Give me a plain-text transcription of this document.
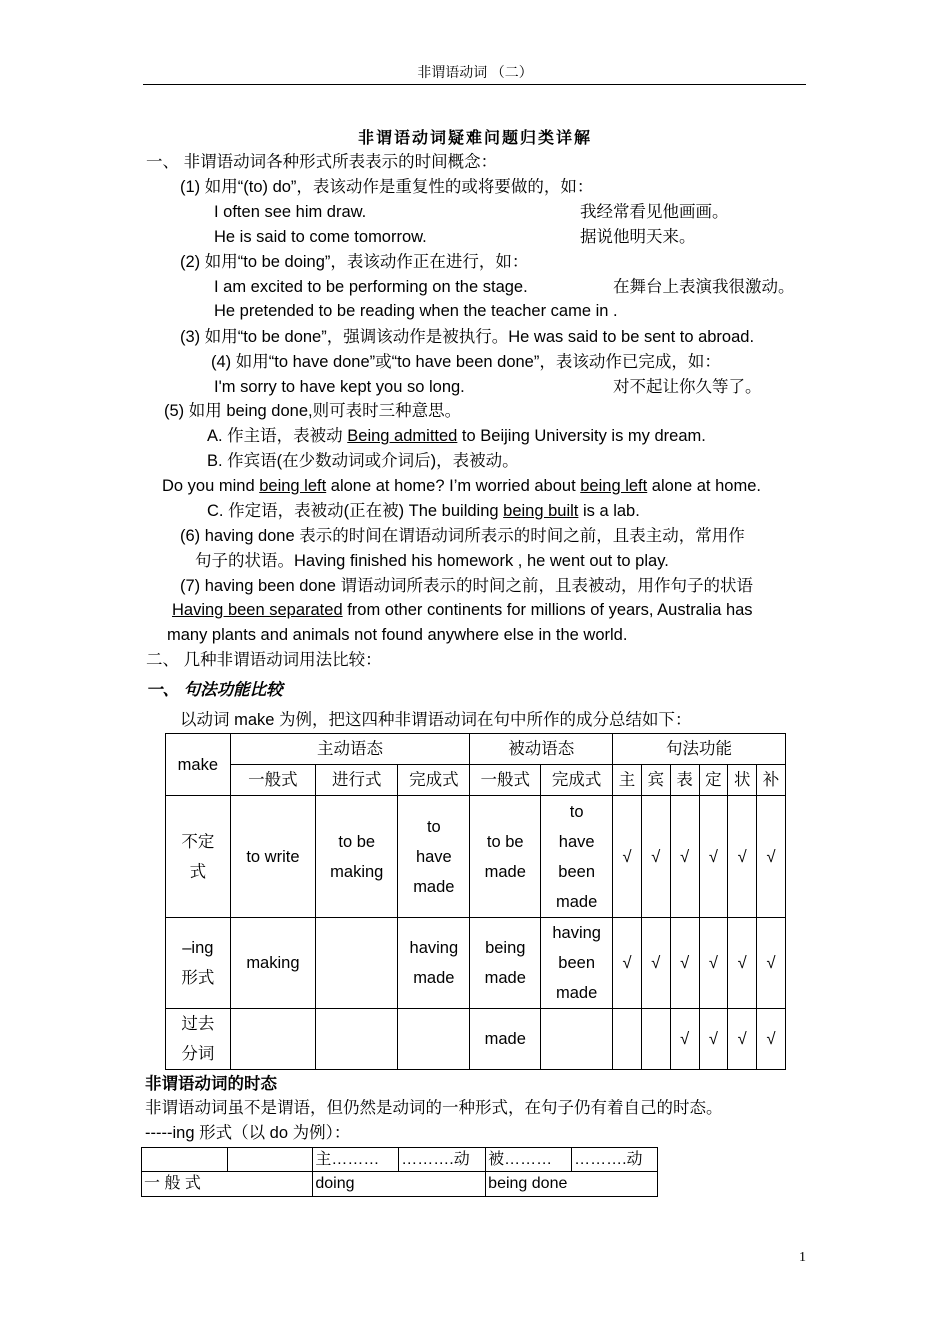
非谓语动词 （二）
非谓语动词疑难问题归类详解
一、 非谓语动词各种形式所表表示的时间概念：
(1) 如用“(to) do”，表该动作是重复性的或将要做的，如：
I often see him draw.	我经常看见他画画。
He is said to come tomorrow.	据说他明天来。
(2) 如用“to be doing”，表该动作正在进行，如：
I am excited to be performing on the stage.	在舞台上表演我很激动。
He pretended to be reading when the teacher came in .
(3) 如用“to be done”，强调该动作是被执行。He was said to be sent to abroad.
(4) 如用“to have done”或“to have been done”，表该动作已完成，如：
I'm sorry to have kept you so long.	对不起让你久等了。
(5) 如用 being done,则可表时三种意思。
A. 作主语，表被动 Being admitted to Beijing University is my dream.
B. 作宾语(在少数动词或介词后)，表被动。
Do you mind being left alone at home? I’m worried about being left alone at home.
C. 作定语，表被动(正在被) The building being built is a lab.
(6) having done 表示的时间在谓语动词所表示的时间之前，且表主动，常用作
句子的状语。Having finished his homework , he went out to play.
(7) having been done 谓语动词所表示的时间之前，且表被动，用作句子的状语
Having been separated from other continents for millions of years, Australia has
many plants and animals not found anywhere else in the world.
二、 几种非谓语动词用法比较：
一、 句法功能比较
以动词 make 为例，把这四种非谓语动词在句中所作的成分总结如下：
make	主动语态			被动语态		句法功能					
	一般式	进行式	完成式	一般式	完成式	主	宾	表	定	状	补
不定式	to write	to be making	to have made	to be made	to have been made	√	√	√	√	√	√
–ing 形式	making		having made	being made	having been made	√	√	√	√	√	√
过去分词				made				√	√	√	√
非谓语动词的时态
非谓语动词虽不是谓语，但仍然是动词的一种形式，在句子仍有着自己的时态。
-----ing 形式（以 do 为例）：
		主………	……….动	被………	……….动
一 般 式		doing		being done	
1
